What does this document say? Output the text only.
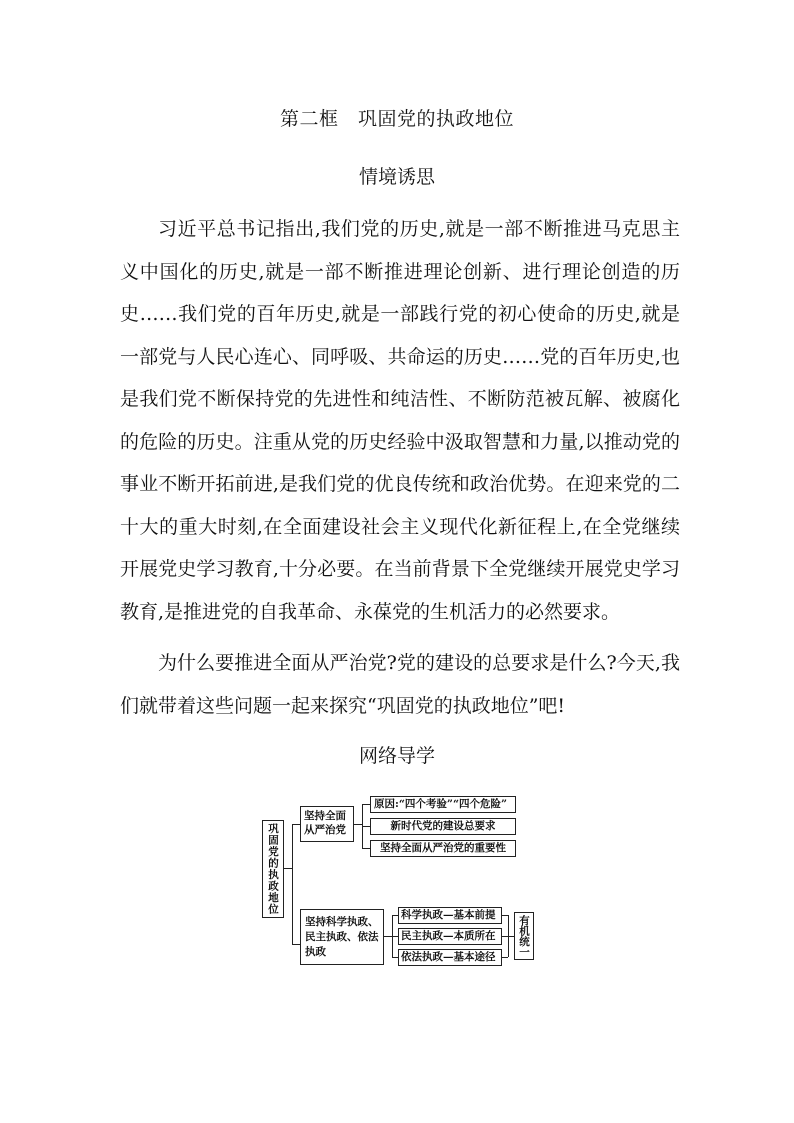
第二框　巩固党的执政地位
情境诱思

习近平总书记指出,我们党的历史,就是一部不断推进马克思主义中国化的历史,就是一部不断推进理论创新、进行理论创造的历史……我们党的百年历史,就是一部践行党的初心使命的历史,就是一部党与人民心连心、同呼吸、共命运的历史……党的百年历史,也是我们党不断保持党的先进性和纯洁性、不断防范被瓦解、被腐化的危险的历史。注重从党的历史经验中汲取智慧和力量,以推动党的事业不断开拓前进,是我们党的优良传统和政治优势。在迎来党的二十大的重大时刻,在全面建设社会主义现代化新征程上,在全党继续开展党史学习教育,十分必要。在当前背景下全党继续开展党史学习教育,是推进党的自我革命、永葆党的生机活力的必然要求。

为什么要推进全面从严治党?党的建设的总要求是什么?今天,我们就带着这些问题一起来探究“巩固党的执政地位”吧!

网络导学
巩固党的执政地位
坚持全面从严治党
原因:“四个考验”“四个危险”
新时代党的建设总要求
坚持全面从严治党的重要性
坚持科学执政、民主执政、依法执政
科学执政—基本前提
民主执政—本质所在
依法执政—基本途径	有机统一
